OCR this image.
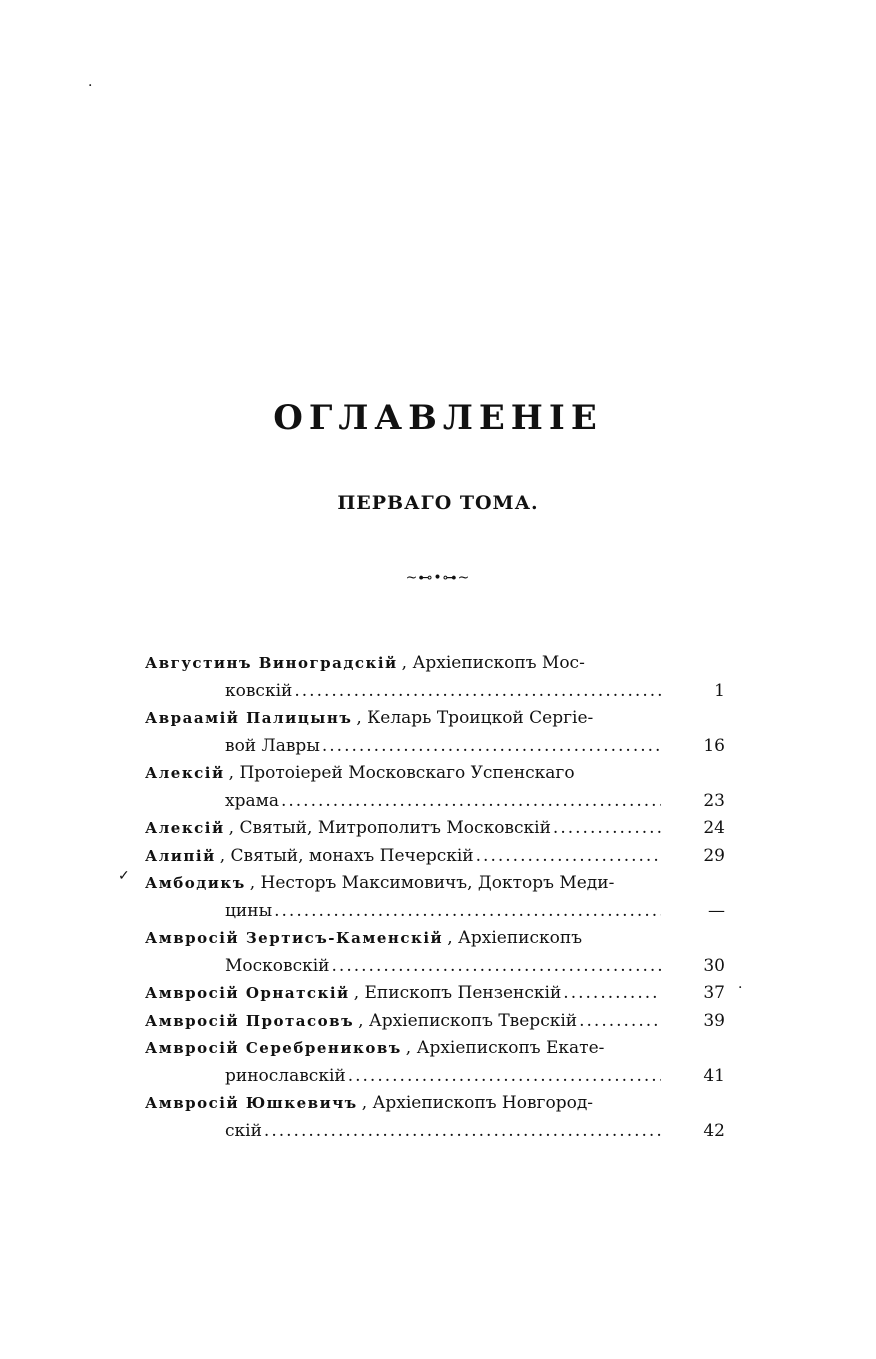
·
✓
·
ОГЛАВЛЕНІЕ
ПЕРВАГО ТОМА.
~⊷•⊶~
Августинъ Виноградскій , Архіепископъ Мос-
ковскій .....	1
Авраамій Палицынъ , Келарь Троицкой Сергіе-
вой Лавры .....	16
Алексій , Протоіерей Московскаго Успенскаго
храма .....	23
Алексій , Святый, Митрополитъ Московскій .....	24
Алипій , Святый, монахъ Печерскій .....	29
Амбодикъ , Несторъ Максимовичъ, Докторъ Меди-
цины .....	—
Амвросій Зертисъ-Каменскій , Архіепископъ
Московскій .....	30
Амвросій Орнатскій , Епископъ Пензенскій .....	37
Амвросій Протасовъ , Архіепископъ Тверскій .....	39
Амвросій Серебрениковъ , Архіепископъ Екате-
ринославскій .....	41
Амвросій Юшкевичъ , Архіепископъ Новгород-
скій .....	42
